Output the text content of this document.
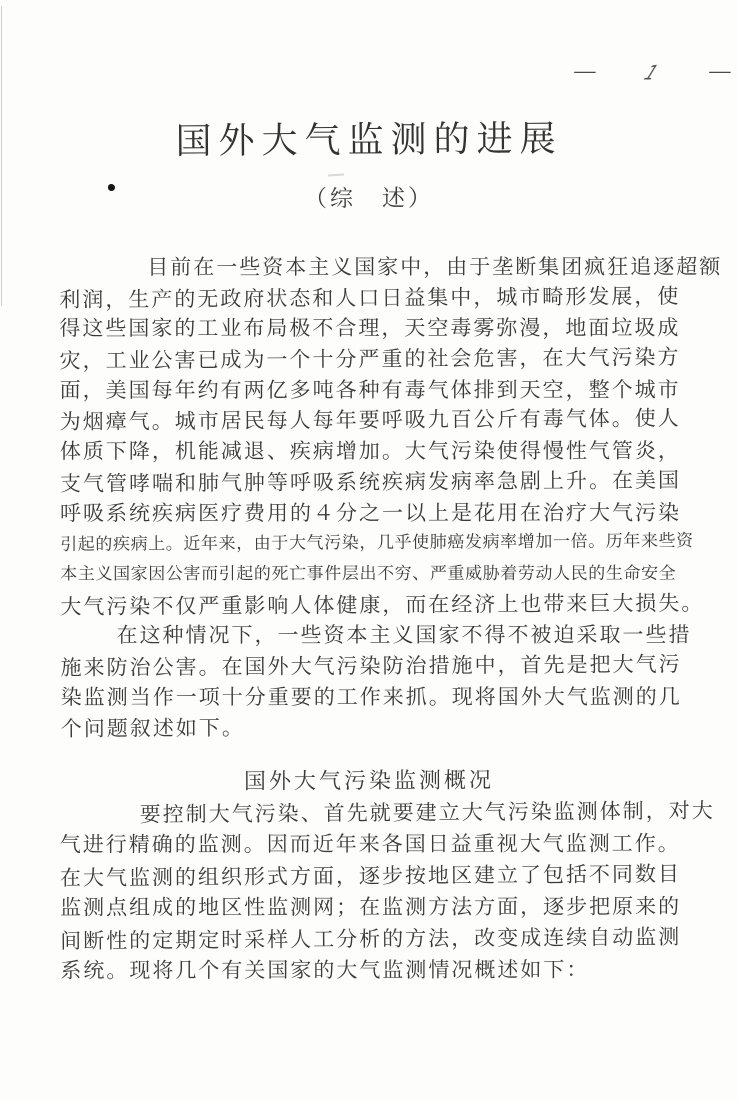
—	1	—
国外大气监测的进展
（综　述）
目前在一些资本主义国家中，由于垄断集团疯狂追逐超额
利润，生产的无政府状态和人口日益集中，城市畸形发展，使
得这些国家的工业布局极不合理，天空毒雾弥漫，地面垃圾成
灾，工业公害已成为一个十分严重的社会危害，在大气污染方
面，美国每年约有两亿多吨各种有毒气体排到天空，整个城市
为烟瘴气。城市居民每人每年要呼吸九百公斤有毒气体。使人
体质下降，机能减退、疾病增加。大气污染使得慢性气管炎，
支气管哮喘和肺气肿等呼吸系统疾病发病率急剧上升。在美国
呼吸系统疾病医疗费用的４分之一以上是花用在治疗大气污染
引起的疾病上。近年来，由于大气污染，几乎使肺癌发病率增加一倍。历年来些资
本主义国家因公害而引起的死亡事件层出不穷、严重威胁着劳动人民的生命安全
大气污染不仅严重影响人体健康，而在经济上也带来巨大损失。
在这种情况下，一些资本主义国家不得不被迫采取一些措
施来防治公害。在国外大气污染防治措施中，首先是把大气污
染监测当作一项十分重要的工作来抓。现将国外大气监测的几
个问题叙述如下。
国外大气污染监测概况
要控制大气污染、首先就要建立大气污染监测体制，对大
气进行精确的监测。因而近年来各国日益重视大气监测工作。
在大气监测的组织形式方面，逐步按地区建立了包括不同数目
监测点组成的地区性监测网；在监测方法方面，逐步把原来的
间断性的定期定时采样人工分析的方法，改变成连续自动监测
系统。现将几个有关国家的大气监测情况概述如下：
